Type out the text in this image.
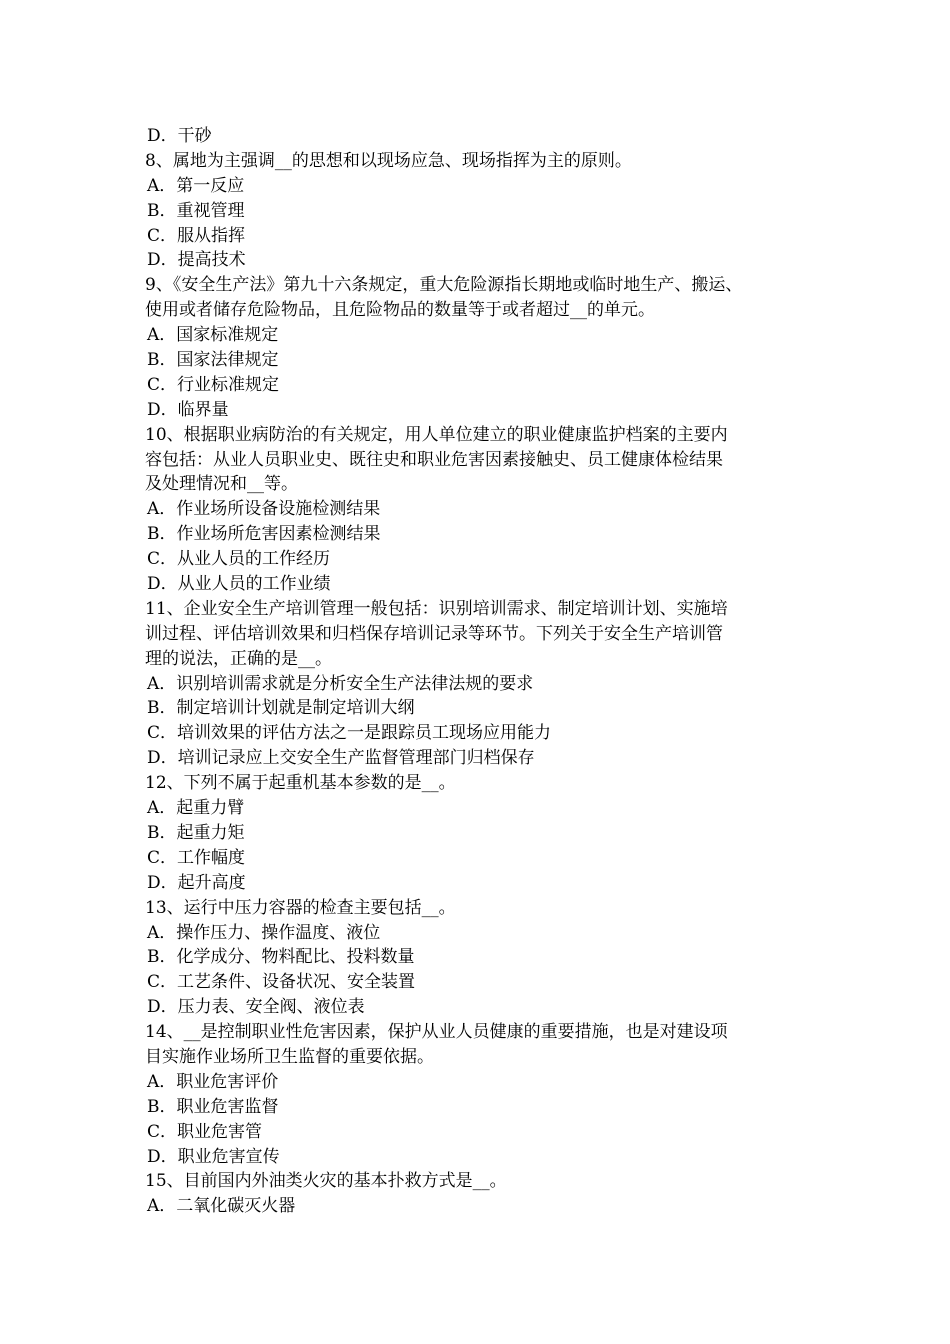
D．干砂
8、属地为主强调__的思想和以现场应急、现场指挥为主的原则。
A．第一反应
B．重视管理
C．服从指挥
D．提高技术
9、《安全生产法》第九十六条规定，重大危险源指长期地或临时地生产、搬运、
使用或者储存危险物品，且危险物品的数量等于或者超过__的单元。
A．国家标准规定
B．国家法律规定
C．行业标准规定
D．临界量
10、根据职业病防治的有关规定，用人单位建立的职业健康监护档案的主要内
容包括：从业人员职业史、既往史和职业危害因素接触史、员工健康体检结果
及处理情况和__等。
A．作业场所设备设施检测结果
B．作业场所危害因素检测结果
C．从业人员的工作经历
D．从业人员的工作业绩
11、企业安全生产培训管理一般包括：识别培训需求、制定培训计划、实施培
训过程、评估培训效果和归档保存培训记录等环节。下列关于安全生产培训管
理的说法，正确的是__。
A．识别培训需求就是分析安全生产法律法规的要求
B．制定培训计划就是制定培训大纲
C．培训效果的评估方法之一是跟踪员工现场应用能力
D．培训记录应上交安全生产监督管理部门归档保存
12、下列不属于起重机基本参数的是__。
A．起重力臂
B．起重力矩
C．工作幅度
D．起升高度
13、运行中压力容器的检查主要包括__。
A．操作压力、操作温度、液位
B．化学成分、物料配比、投料数量
C．工艺条件、设备状况、安全装置
D．压力表、安全阀、液位表
14、__是控制职业性危害因素，保护从业人员健康的重要措施，也是对建设项
目实施作业场所卫生监督的重要依据。
A．职业危害评价
B．职业危害监督
C．职业危害管
D．职业危害宣传
15、目前国内外油类火灾的基本扑救方式是__。
A．二氧化碳灭火器
